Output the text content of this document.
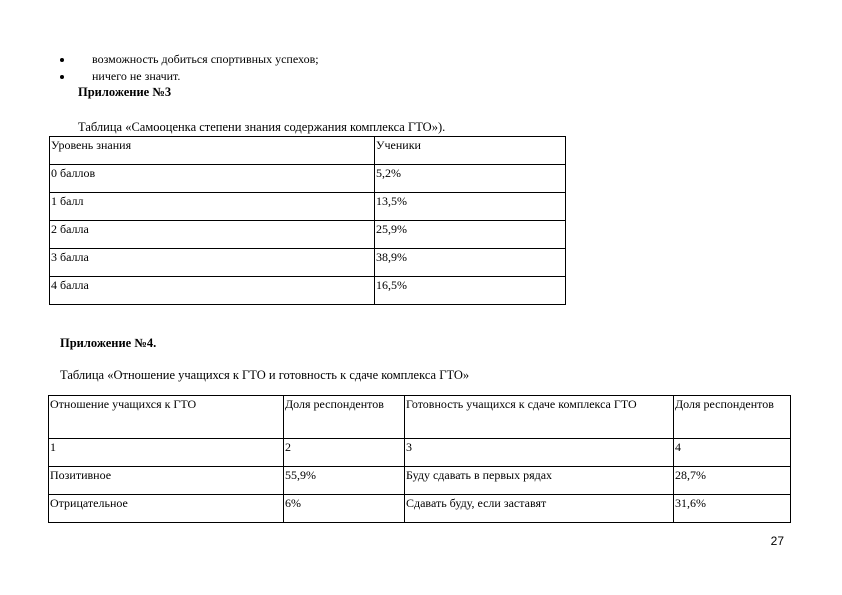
возможность добиться спортивных успехов;
ничего не значит.
Приложение №3
Таблица «Самооценка степени знания содержания комплекса ГТО»).
Уровень знания	Ученики
0 баллов	5,2%
1 балл	13,5%
2 балла	25,9%
3 балла	38,9%
4 балла	16,5%
Приложение №4.
Таблица «Отношение учащихся к ГТО и готовность к сдаче комплекса ГТО»
Отношение учащихся к ГТО	Доля респондентов	Готовность учащихся к сдаче комплекса ГТО	Доля респондентов
1	2	3	4
Позитивное	55,9%	Буду сдавать в первых рядах	28,7%
Отрицательное	6%	Сдавать буду, если заставят	31,6%
27
